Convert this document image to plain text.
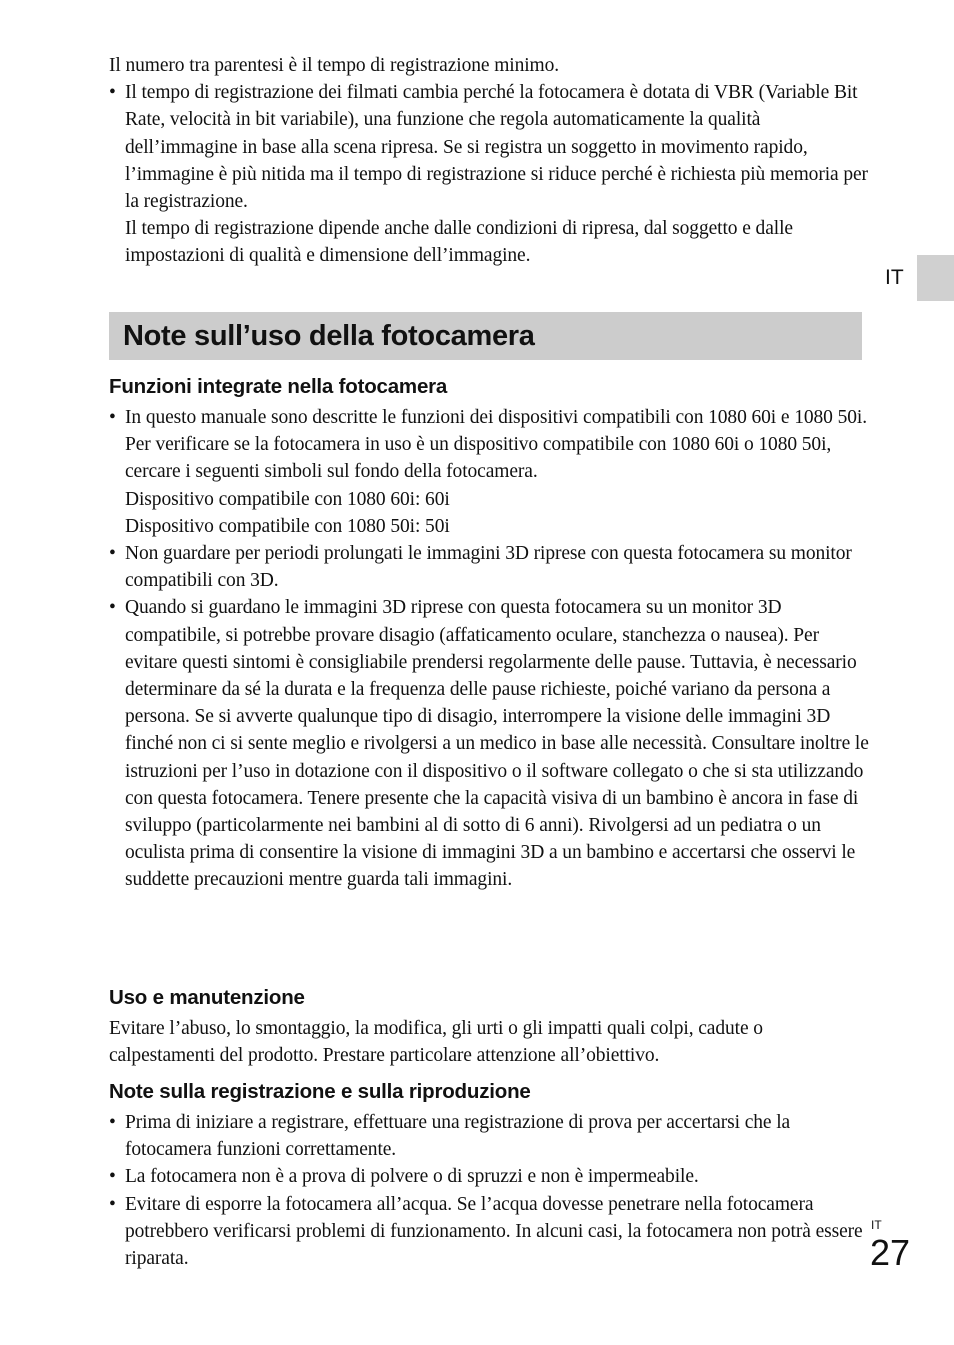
Il numero tra parentesi è il tempo di registrazione minimo.

• Il tempo di registrazione dei filmati cambia perché la fotocamera è dotata di VBR (Variable Bit Rate, velocità in bit variabile), una funzione che regola automaticamente la qualità dell’immagine in base alla scena ripresa. Se si registra un soggetto in movimento rapido, l’immagine è più nitida ma il tempo di registrazione si riduce perché è richiesta più memoria per la registrazione.

Il tempo di registrazione dipende anche dalle condizioni di ripresa, dal soggetto e dalle impostazioni di qualità e dimensione dell’immagine.

IT
Note sull’uso della fotocamera
Funzioni integrate nella fotocamera
• In questo manuale sono descritte le funzioni dei dispositivi compatibili con 1080 60i e 1080 50i.

Per verificare se la fotocamera in uso è un dispositivo compatibile con 1080 60i o 1080 50i, cercare i seguenti simboli sul fondo della fotocamera.

Dispositivo compatibile con 1080 60i: 60i

Dispositivo compatibile con 1080 50i: 50i

• Non guardare per periodi prolungati le immagini 3D riprese con questa fotocamera su monitor compatibili con 3D.
• Quando si guardano le immagini 3D riprese con questa fotocamera su un monitor 3D compatibile, si potrebbe provare disagio (affaticamento oculare, stanchezza o nausea). Per evitare questi sintomi è consigliabile prendersi regolarmente delle pause. Tuttavia, è necessario determinare da sé la durata e la frequenza delle pause richieste, poiché variano da persona a persona. Se si avverte qualunque tipo di disagio, interrompere la visione delle immagini 3D finché non ci si sente meglio e rivolgersi a un medico in base alle necessità. Consultare inoltre le istruzioni per l’uso in dotazione con il dispositivo o il software collegato o che si sta utilizzando con questa fotocamera. Tenere presente che la capacità visiva di un bambino è ancora in fase di sviluppo (particolarmente nei bambini al di sotto di 6 anni). Rivolgersi ad un pediatra o un oculista prima di consentire la visione di immagini 3D a un bambino e accertarsi che osservi le suddette precauzioni mentre guarda tali immagini.
Uso e manutenzione

Evitare l’abuso, lo smontaggio, la modifica, gli urti o gli impatti quali colpi, cadute o calpestamenti del prodotto. Prestare particolare attenzione all’obiettivo.

Note sulla registrazione e sulla riproduzione
• Prima di iniziare a registrare, effettuare una registrazione di prova per accertarsi che la fotocamera funzioni correttamente.
• La fotocamera non è a prova di polvere o di spruzzi e non è impermeabile.
• Evitare di esporre la fotocamera all’acqua. Se l’acqua dovesse penetrare nella fotocamera potrebbero verificarsi problemi di funzionamento. In alcuni casi, la fotocamera non potrà essere riparata.
IT
27
